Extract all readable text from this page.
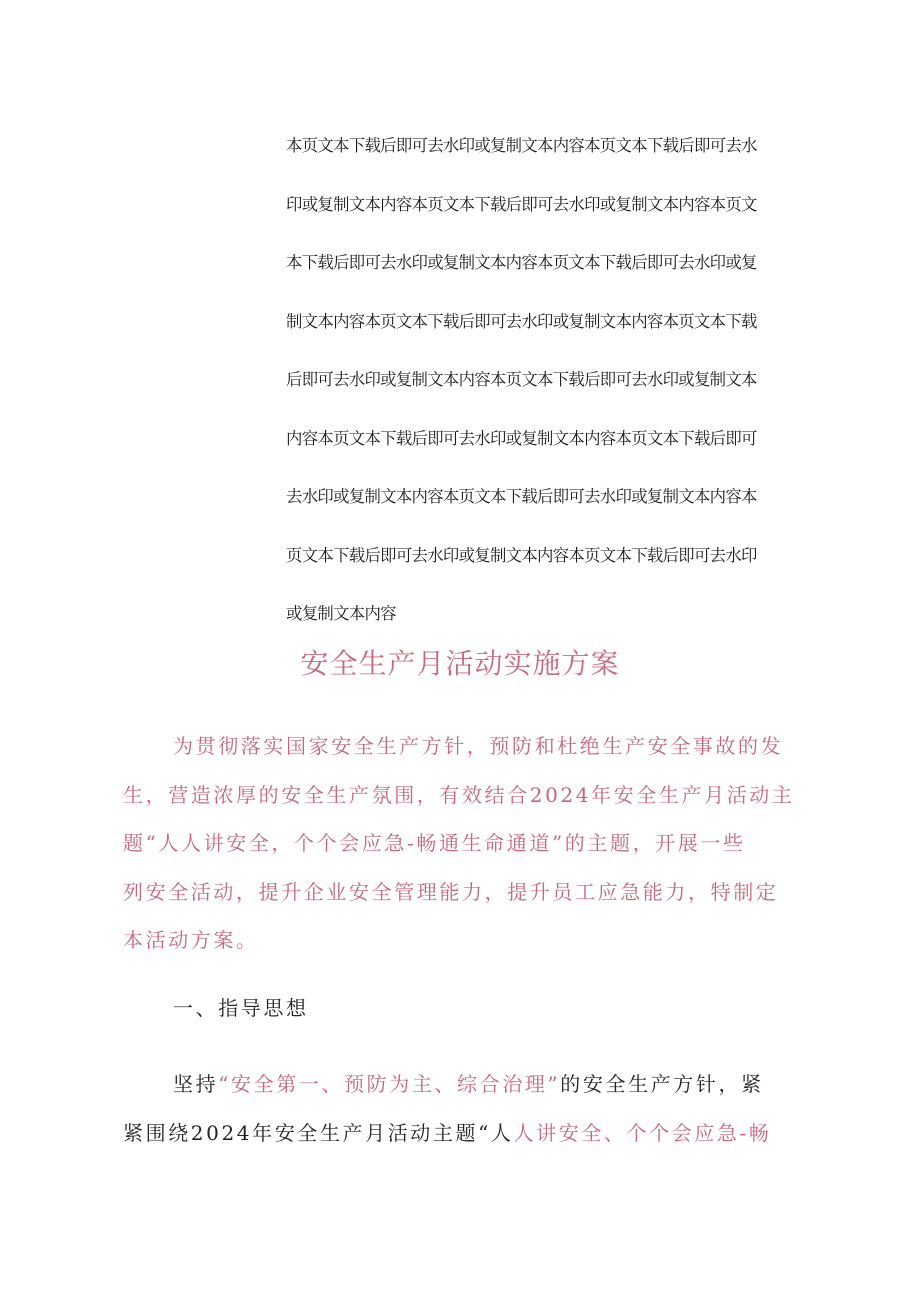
本页文本下载后即可去水印或复制文本内容本页文本下载后即可去水
印或复制文本内容本页文本下载后即可去水印或复制文本内容本页文
本下载后即可去水印或复制文本内容本页文本下载后即可去水印或复
制文本内容本页文本下载后即可去水印或复制文本内容本页文本下载
后即可去水印或复制文本内容本页文本下载后即可去水印或复制文本
内容本页文本下载后即可去水印或复制文本内容本页文本下载后即可
去水印或复制文本内容本页文本下载后即可去水印或复制文本内容本
页文本下载后即可去水印或复制文本内容本页文本下载后即可去水印
或复制文本内容
安全生产月活动实施方案
为贯彻落实国家安全生产方针，预防和杜绝生产安全事故的发
生，营造浓厚的安全生产氛围，有效结合2024年安全生产月活动主
题“人人讲安全，个个会应急-畅通生命通道”的主题，开展一些
列安全活动，提升企业安全管理能力，提升员工应急能力，特制定
本活动方案。
一、指导思想
坚持“安全第一、预防为主、综合治理”的安全生产方针，紧
紧围绕2024年安全生产月活动主题“人人讲安全、个个会应急-畅
